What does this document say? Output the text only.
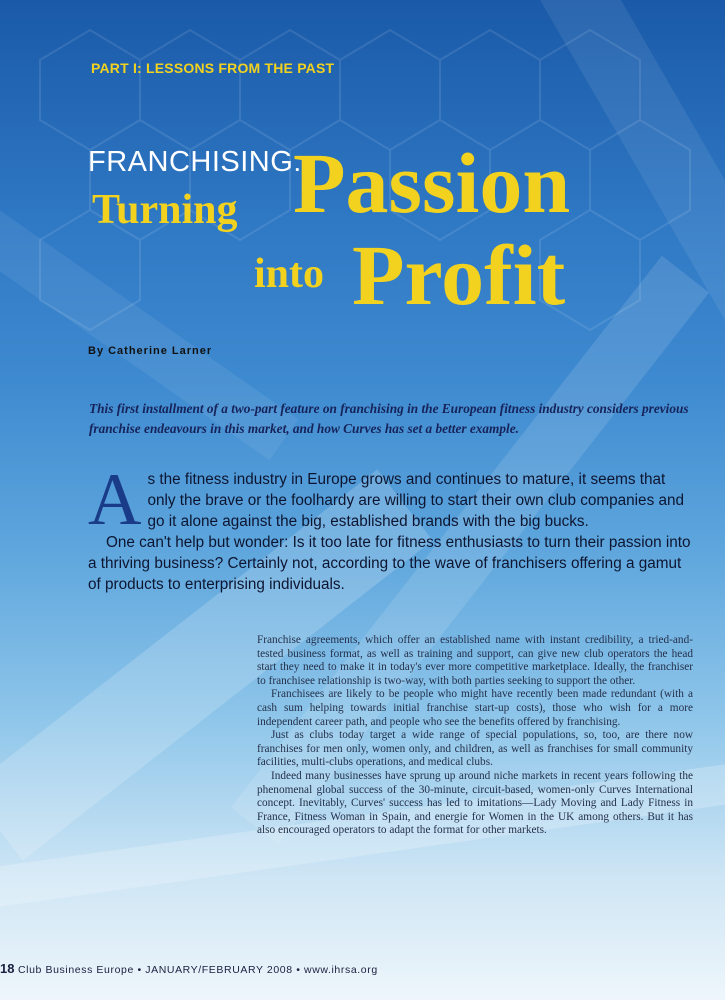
PART I: LESSONS FROM THE PAST
FRANCHISING:
Turning Passion
into Profit
By Catherine Larner

This first installment of a two-part feature on franchising in the European fitness industry considers previous franchise endeavours in this market, and how Curves has set a better example.

A s the fitness industry in Europe grows and continues to mature, it seems that only the brave or the foolhardy are willing to start their own club companies and go it alone against the big, established brands with the big bucks.
One can't help but wonder: Is it too late for fitness enthusiasts to turn their passion into a thriving business? Certainly not, according to the wave of franchisers offering a gamut of products to enterprising individuals.

Franchise agreements, which offer an established name with instant credibility, a tried-and-tested business format, as well as training and support, can give new club operators the head start they need to make it in today's ever more competitive marketplace. Ideally, the franchiser to franchisee relationship is two-way, with both parties seeking to support the other.

Franchisees are likely to be people who might have recently been made redundant (with a cash sum helping towards initial franchise start-up costs), those who wish for a more independent career path, and people who see the benefits offered by franchising.

Just as clubs today target a wide range of special populations, so, too, are there now franchises for men only, women only, and children, as well as franchises for small community facilities, multi-clubs operations, and medical clubs.

Indeed many businesses have sprung up around niche markets in recent years following the phenomenal global success of the 30-minute, circuit-based, women-only Curves International concept. Inevitably, Curves' success has led to imitations—Lady Moving and Lady Fitness in France, Fitness Woman in Spain, and energie for Women in the UK among others. But it has also encouraged operators to adapt the format for other markets.

18 Club Business Europe • JANUARY/FEBRUARY 2008 • www.ihrsa.org
